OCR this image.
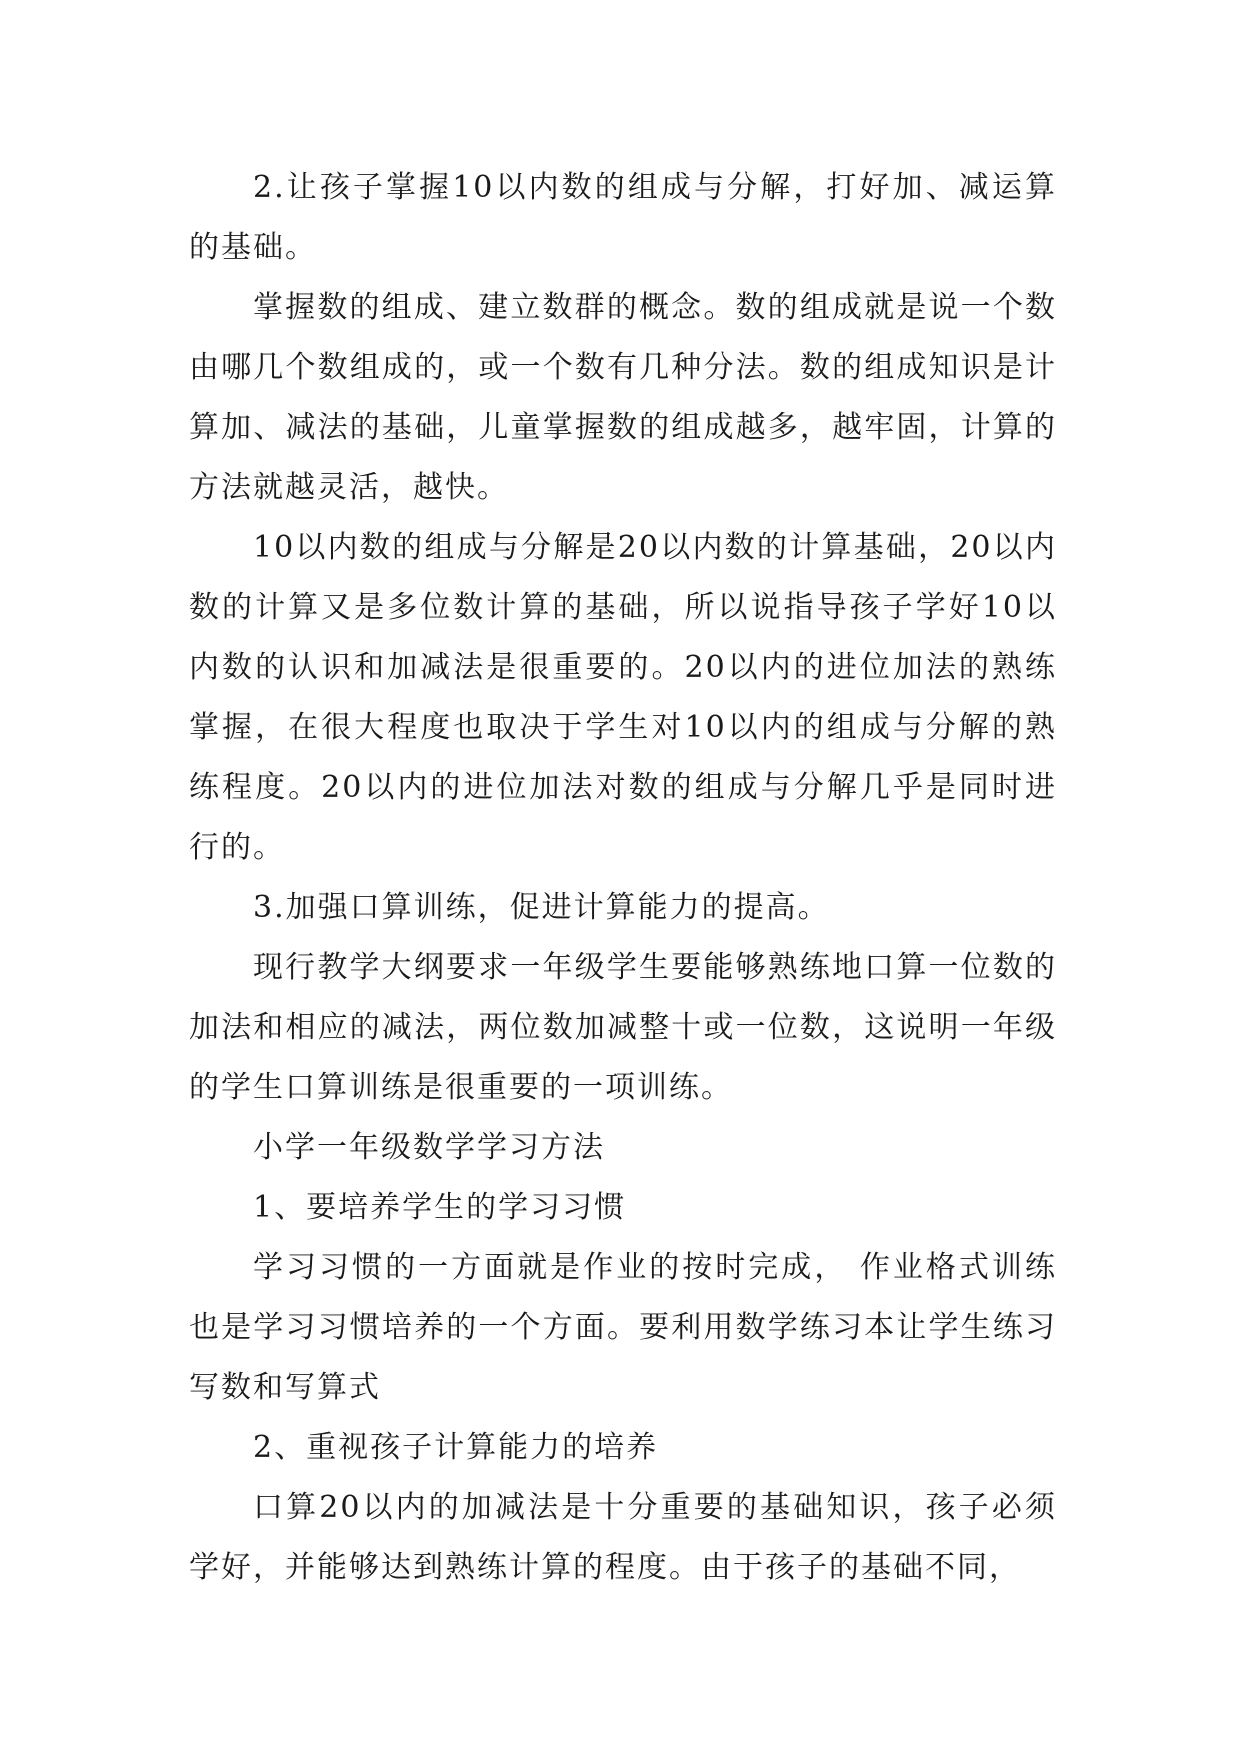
2.让孩子掌握10以内数的组成与分解，打好加、减运算的基础。

掌握数的组成、建立数群的概念。数的组成就是说一个数由哪几个数组成的，或一个数有几种分法。数的组成知识是计算加、减法的基础，儿童掌握数的组成越多，越牢固，计算的方法就越灵活，越快。

10以内数的组成与分解是20以内数的计算基础，20以内数的计算又是多位数计算的基础，所以说指导孩子学好10以内数的认识和加减法是很重要的。20以内的进位加法的熟练掌握，在很大程度也取决于学生对10以内的组成与分解的熟练程度。20以内的进位加法对数的组成与分解几乎是同时进行的。

3.加强口算训练，促进计算能力的提高。

现行教学大纲要求一年级学生要能够熟练地口算一位数的加法和相应的减法，两位数加减整十或一位数，这说明一年级的学生口算训练是很重要的一项训练。

小学一年级数学学习方法

1、要培养学生的学习习惯

学习习惯的一方面就是作业的按时完成， 作业格式训练也是学习习惯培养的一个方面。要利用数学练习本让学生练习写数和写算式

2、重视孩子计算能力的培养

口算20以内的加减法是十分重要的基础知识，孩子必须学好，并能够达到熟练计算的程度。由于孩子的基础不同，
